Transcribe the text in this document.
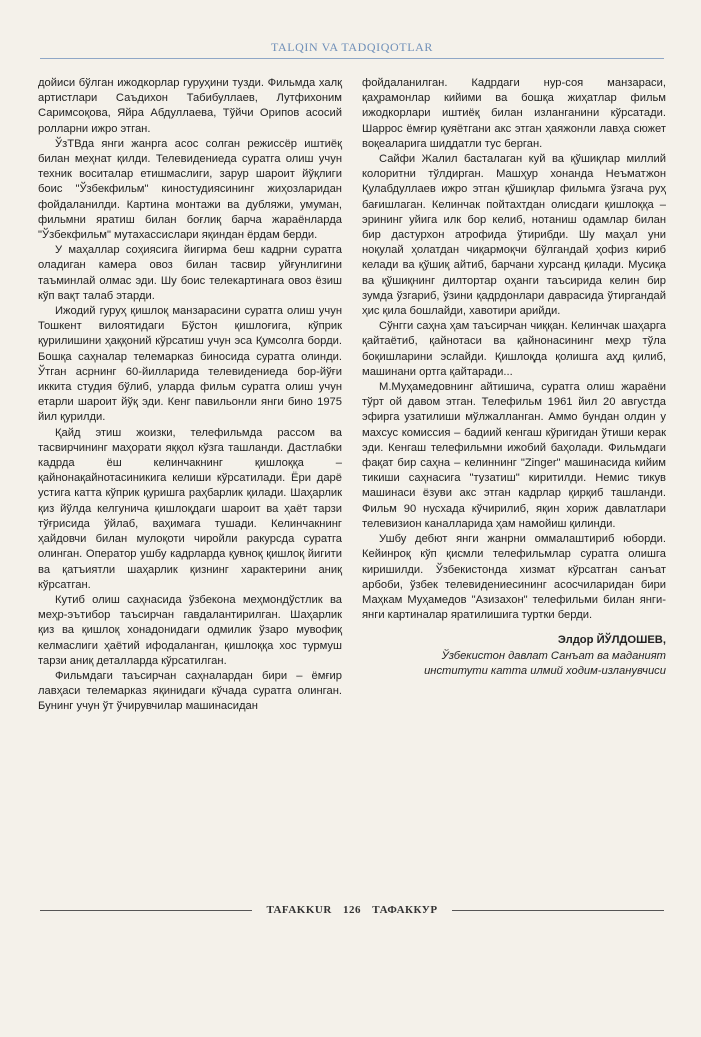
TALQIN VA TADQIQOTLAR

дойиси бўлган ижодкорлар гуруҳини тузди. Фильмда халқ артистлари Саъдихон Табибуллаев, Лутфихоним Саримсоқова, Яйра Абдуллаева, Тўйчи Орипов асосий ролларни ижро этган.

ЎзТВда янги жанрга асос солган режиссёр иштиёқ билан меҳнат қилди. Телевидениеда суратга олиш учун техник воситалар етишмаслиги, зарур шароит йўқлиги боис "Ўзбекфильм" киностудиясининг жиҳозларидан фойдаланилди. Картина монтажи ва дубляжи, умуман, фильмни яратиш билан боғлиқ барча жараёнларда "Ўзбекфильм" мутахассислари яқиндан ёрдам берди.

У маҳаллар соҳиясига йигирма беш кадрни суратга оладиган камера овоз билан тасвир уйғунлигини таъминлай олмас эди. Шу боис телекартинага овоз ёзиш кўп вақт талаб этарди.

Ижодий гуруҳ қишлоқ манзарасини суратга олиш учун Тошкент вилоятидаги Бўстон қишлоғига, кўприк қурилишини ҳаққоний кўрсатиш учун эса Қумсолга борди. Бошқа саҳналар телемарказ биносида суратга олинди. Ўтган асрнинг 60-йилларида телевидениеда бор-йўғи иккита студия бўлиб, уларда фильм суратга олиш учун етарли шароит йўқ эди. Кенг павильонли янги бино 1975 йил қурилди.

Қайд этиш жоизки, телефильмда рассом ва тасвирчининг маҳорати яққол кўзга ташланди. Дастлабки кадрда ёш келинчакнинг қишлоққа – қайнонақайнотасиникига келиши кўрсатилади. Ёри дарё устига катта кўприк қуришга раҳбарлик қилади. Шаҳарлик қиз йўлда келгунича қишлоқдаги шароит ва ҳаёт тарзи тўғрисида ўйлаб, ваҳимага тушади. Келинчакнинг ҳайдовчи билан мулоқоти чиройли ракурсда суратга олинган. Оператор ушбу кадрлардa қувноқ қишлоқ йигити ва қатъиятли шаҳарлик қизнинг характерини аниқ кўрсатган.

Кутиб олиш саҳнасида ўзбекона меҳмондўстлик ва меҳр-эътибор таъсирчан гавдалантирилган. Шаҳарлик қиз ва қишлоқ хонадонидаги одмилик ўзаро мувофиқ келмаслиги ҳаётий ифодаланган, қишлоққа хос турмуш тарзи аниқ деталларда кўрсатилган.

Фильмдаги таъсирчан саҳналардан бири – ёмғир лавҳаси телемарказ яқинидаги кўчада суратга олинган. Бунинг учун ўт ўчирувчилар машинасидан

фойдаланилган. Кадрдаги нур-соя манзараси, қаҳрамонлар кийими ва бошқа жиҳатлар фильм ижодкорлари иштиёқ билан изланганини кўрсатади. Шаррос ёмғир қуяётгани акс этган ҳаяжонли лавҳа сюжет воқеаларига шиддатли тус берган.

Сайфи Жалил басталаган куй ва қўшиқлар миллий колоритни тўлдирган. Машҳур хонанда Неъматжон Қулабдуллаев ижро этган қўшиқлар фильмга ўзгача руҳ бағишлаган. Келинчак пойтахтдан олисдаги қишлоққа – эрининг уйига илк бор келиб, нотаниш одамлар билан бир дастурхон атрофида ўтирибди. Шу маҳал уни ноқулай ҳолатдан чиқармоқчи бўлгандай ҳофиз кириб келади ва қўшиқ айтиб, барчани хурсанд қилади. Мусиқа ва қўшиқнинг дилтортар оҳанги таъсирида келин бир зумда ўзгариб, ўзини қадрдонлари даврасида ўтиргандай ҳис қила бошлайди, хавотири арийди.

Сўнгги саҳна ҳам таъсирчан чиққан. Келинчак шаҳарга қайтаётиб, қайнотаси ва қайнонасининг меҳр тўла боқишларини эслайди. Қишлоқда қолишга аҳд қилиб, машинани ортга қайтаради...

М.Муҳамедовнинг айтишича, суратга олиш жараёни тўрт ой давом этган. Телефильм 1961 йил 20 августда эфирга узатилиши мўлжалланган. Аммо бундан олдин у махсус комиссия – бадиий кенгаш кўригидан ўтиши керак эди. Кенгаш телефильмни ижобий баҳолади. Фильмдаги фақат бир саҳна – келиннинг "Zinger" машинасида кийим тикиши саҳнасига "тузатиш" киритилди. Немис тикув машинаси ёзуви акс этган кадрлар қирқиб ташланди. Фильм 90 нусхада кўчирилиб, яқин хориж давлатлари телевизион каналларида ҳам намойиш қилинди.

Ушбу дебют янги жанрни оммалаштириб юборди. Кейинроқ кўп қисмли телефильмлар суратга олишга киришилди. Ўзбекистонда хизмат кўрсатган санъат арбоби, ўзбек телевидениесининг асосчиларидан бири Маҳкам Муҳамедов "Азизахон" телефильми билан янги-янги картиналар яратилишига туртки берди.

Элдор ЙЎЛДОШЕВ,
Ўзбекистон давлат Санъат ва маданият
институти катта илмий ходим-изланувчиси
TAFAKKUR 126 ТАФАККУР
